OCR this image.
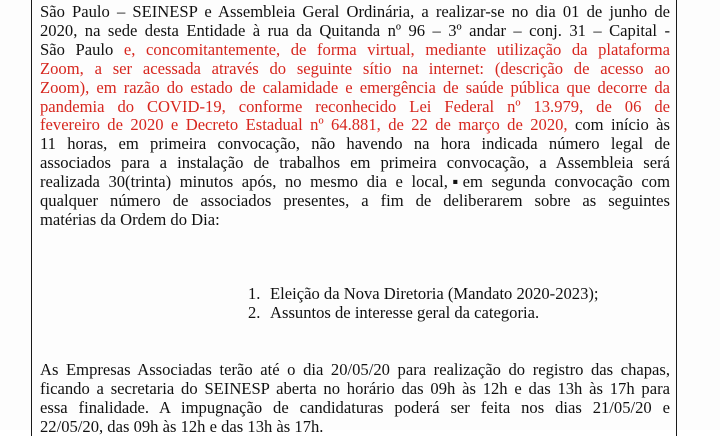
São Paulo – SEINESP e Assembleia Geral Ordinária, a realizar-se no dia 01 de junho de
2020, na sede desta Entidade à rua da Quitanda nº 96 – 3º andar – conj. 31 – Capital -
São Paulo e, concomitantemente, de forma virtual, mediante utilização da plataforma
Zoom, a ser acessada através do seguinte sítio na internet: (descrição de acesso ao
Zoom), em razão do estado de calamidade e emergência de saúde pública que decorre da
pandemia do COVID-19, conforme reconhecido Lei Federal nº 13.979, de 06 de
fevereiro de 2020 e Decreto Estadual nº 64.881, de 22 de março de 2020, com início às
11 horas, em primeira convocação, não havendo na hora indicada número legal de
associados para a instalação de trabalhos em primeira convocação, a Assembleia será
realizada 30(trinta) minutos após, no mesmo dia e local,▪em segunda convocação com
qualquer número de associados presentes, a fim de deliberarem sobre as seguintes
matérias da Ordem do Dia:
1. Eleição da Nova Diretoria (Mandato 2020-2023);
2. Assuntos de interesse geral da categoria.
As Empresas Associadas terão até o dia 20/05/20 para realização do registro das chapas,
ficando a secretaria do SEINESP aberta no horário das 09h às 12h e das 13h às 17h para
essa finalidade. A impugnação de candidaturas poderá ser feita nos dias 21/05/20 e
22/05/20, das 09h às 12h e das 13h às 17h.
